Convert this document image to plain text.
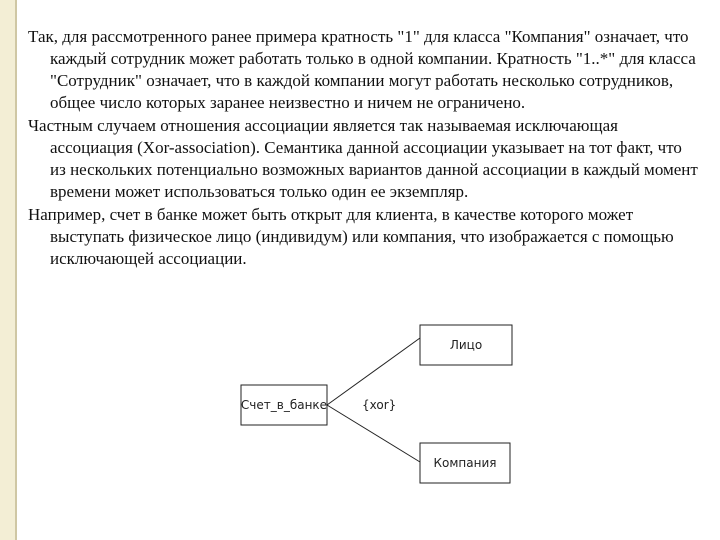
Так, для рассмотренного ранее примера кратность "1" для класса "Компания" означает, что каждый сотрудник может работать только в одной компании. Кратность "1..*" для класса "Сотрудник" означает, что в каждой компании могут работать несколько сотрудников, общее число которых заранее неизвестно и ничем не ограничено.

Частным случаем отношения ассоциации является так называемая исключающая ассоциация (Xor-association). Семантика данной ассоциации указывает на тот факт, что из нескольких потенциально возможных вариантов данной ассоциации в каждый момент времени может использоваться только один ее экземпляр.

Например, счет в банке может быть открыт для клиента, в качестве которого может выступать физическое лицо (индивидум) или компания, что изображается с помощью исключающей ассоциации.

Счет_в_банке
Лицо
Компания
{xor}
